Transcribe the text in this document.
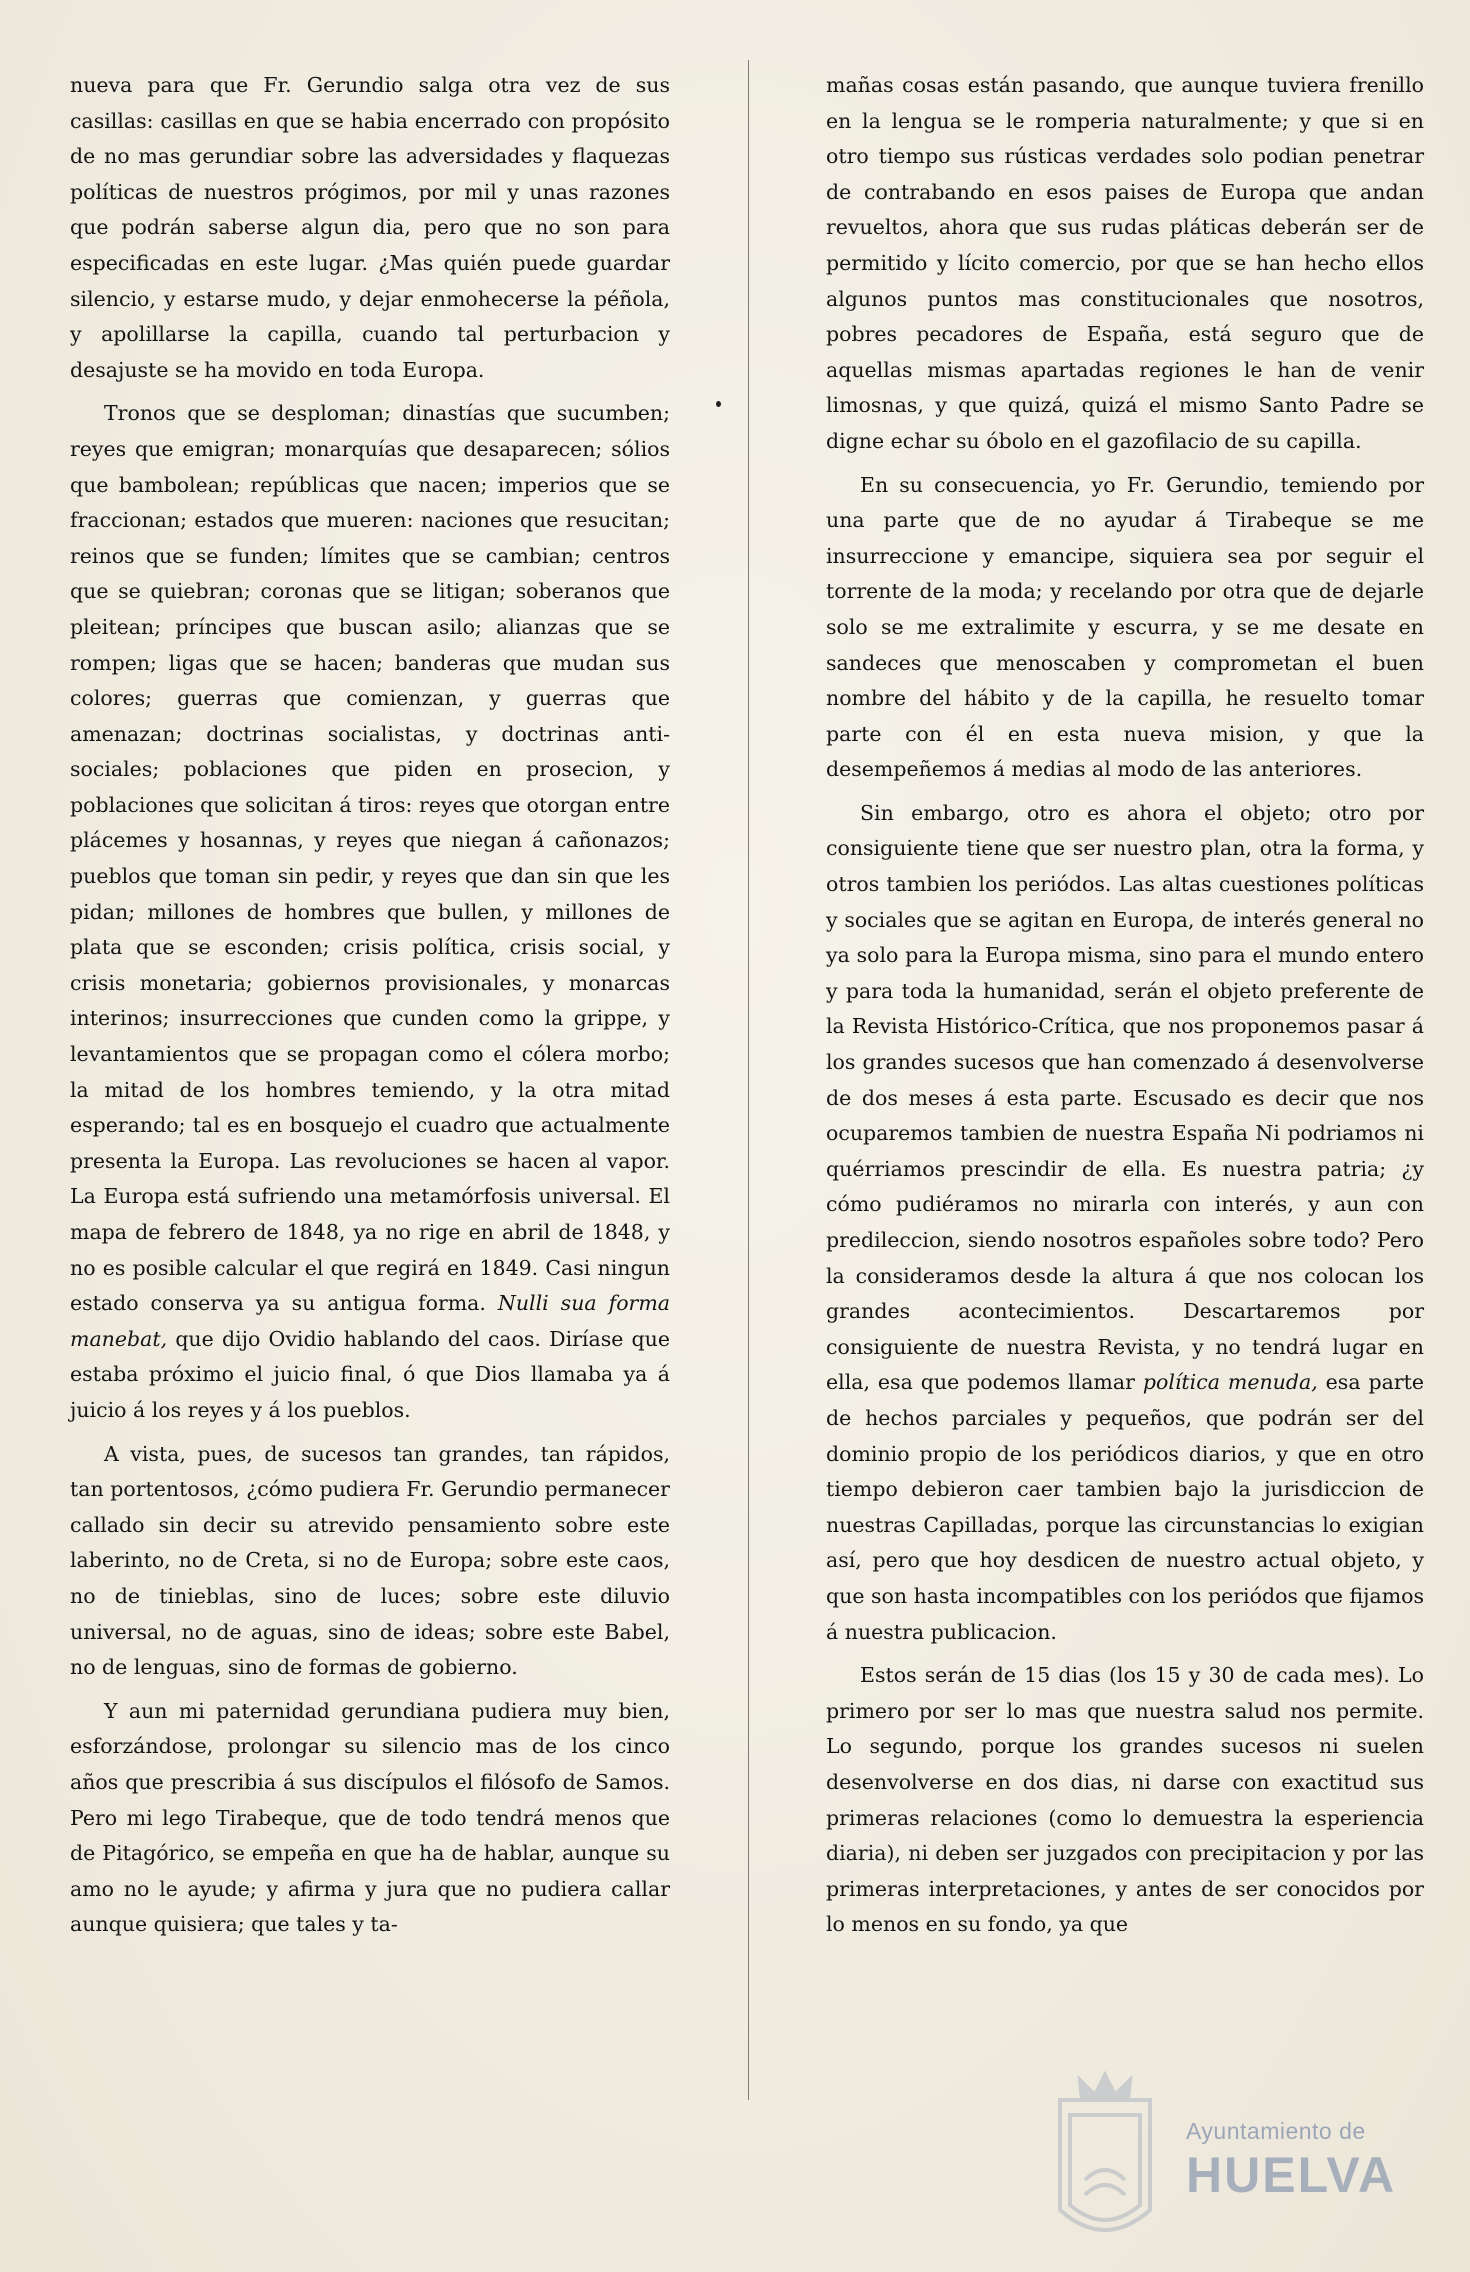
nueva para que Fr. Gerundio salga otra vez de sus casillas: casillas en que se habia encerrado con propósito de no mas gerundiar sobre las adversidades y flaquezas políticas de nuestros prógimos, por mil y unas razones que podrán saberse algun dia, pero que no son para especificadas en este lugar. ¿Mas quién puede guardar silencio, y estarse mudo, y dejar enmohecerse la péñola, y apolillarse la capilla, cuando tal perturbacion y desajuste se ha movido en toda Europa.

Tronos que se desploman; dinastías que sucumben; reyes que emigran; monarquías que desaparecen; sólios que bambolean; repúblicas que nacen; imperios que se fraccionan; estados que mueren: naciones que resucitan; reinos que se funden; límites que se cambian; centros que se quiebran; coronas que se litigan; soberanos que pleitean; príncipes que buscan asilo; alianzas que se rompen; ligas que se hacen; banderas que mudan sus colores; guerras que comienzan, y guerras que amenazan; doctrinas socialistas, y doctrinas anti-sociales; poblaciones que piden en prosecion, y poblaciones que solicitan á tiros: reyes que otorgan entre plácemes y hosannas, y reyes que niegan á cañonazos; pueblos que toman sin pedir, y reyes que dan sin que les pidan; millones de hombres que bullen, y millones de plata que se esconden; crisis política, crisis social, y crisis monetaria; gobiernos provisionales, y monarcas interinos; insurrecciones que cunden como la grippe, y levantamientos que se propagan como el cólera morbo; la mitad de los hombres temiendo, y la otra mitad esperando; tal es en bosquejo el cuadro que actualmente presenta la Europa. Las revoluciones se hacen al vapor. La Europa está sufriendo una metamórfosis universal. El mapa de febrero de 1848, ya no rige en abril de 1848, y no es posible calcular el que regirá en 1849. Casi ningun estado conserva ya su antigua forma. Nulli sua forma manebat, que dijo Ovidio hablando del caos. Diríase que estaba próximo el juicio final, ó que Dios llamaba ya á juicio á los reyes y á los pueblos.

A vista, pues, de sucesos tan grandes, tan rápidos, tan portentosos, ¿cómo pudiera Fr. Gerundio permanecer callado sin decir su atrevido pensamiento sobre este laberinto, no de Creta, si no de Europa; sobre este caos, no de tinieblas, sino de luces; sobre este diluvio universal, no de aguas, sino de ideas; sobre este Babel, no de lenguas, sino de formas de gobierno.

Y aun mi paternidad gerundiana pudiera muy bien, esforzándose, prolongar su silencio mas de los cinco años que prescribia á sus discípulos el filósofo de Samos. Pero mi lego Tirabeque, que de todo tendrá menos que de Pitagórico, se empeña en que ha de hablar, aunque su amo no le ayude; y afirma y jura que no pudiera callar aunque quisiera; que tales y ta-

mañas cosas están pasando, que aunque tuviera frenillo en la lengua se le romperia naturalmente; y que si en otro tiempo sus rústicas verdades solo podian penetrar de contrabando en esos paises de Europa que andan revueltos, ahora que sus rudas pláticas deberán ser de permitido y lícito comercio, por que se han hecho ellos algunos puntos mas constitucionales que nosotros, pobres pecadores de España, está seguro que de aquellas mismas apartadas regiones le han de venir limosnas, y que quizá, quizá el mismo Santo Padre se digne echar su óbolo en el gazofilacio de su capilla.

En su consecuencia, yo Fr. Gerundio, temiendo por una parte que de no ayudar á Tirabeque se me insurreccione y emancipe, siquiera sea por seguir el torrente de la moda; y recelando por otra que de dejarle solo se me extralimite y escurra, y se me desate en sandeces que menoscaben y comprometan el buen nombre del hábito y de la capilla, he resuelto tomar parte con él en esta nueva mision, y que la desempeñemos á medias al modo de las anteriores.

Sin embargo, otro es ahora el objeto; otro por consiguiente tiene que ser nuestro plan, otra la forma, y otros tambien los periódos. Las altas cuestiones políticas y sociales que se agitan en Europa, de interés general no ya solo para la Europa misma, sino para el mundo entero y para toda la humanidad, serán el objeto preferente de la Revista Histórico-Crítica, que nos proponemos pasar á los grandes sucesos que han comenzado á desenvolverse de dos meses á esta parte. Escusado es decir que nos ocuparemos tambien de nuestra España Ni podriamos ni quérriamos prescindir de ella. Es nuestra patria; ¿y cómo pudiéramos no mirarla con interés, y aun con predileccion, siendo nosotros españoles sobre todo? Pero la consideramos desde la altura á que nos colocan los grandes acontecimientos. Descartaremos por consiguiente de nuestra Revista, y no tendrá lugar en ella, esa que podemos llamar política menuda, esa parte de hechos parciales y pequeños, que podrán ser del dominio propio de los periódicos diarios, y que en otro tiempo debieron caer tambien bajo la jurisdiccion de nuestras Capilladas, porque las circunstancias lo exigian así, pero que hoy desdicen de nuestro actual objeto, y que son hasta incompatibles con los periódos que fijamos á nuestra publicacion.

Estos serán de 15 dias (los 15 y 30 de cada mes). Lo primero por ser lo mas que nuestra salud nos permite. Lo segundo, porque los grandes sucesos ni suelen desenvolverse en dos dias, ni darse con exactitud sus primeras relaciones (como lo demuestra la esperiencia diaria), ni deben ser juzgados con precipitacion y por las primeras interpretaciones, y antes de ser conocidos por lo menos en su fondo, ya que

Ayuntamiento de
HUELVA
